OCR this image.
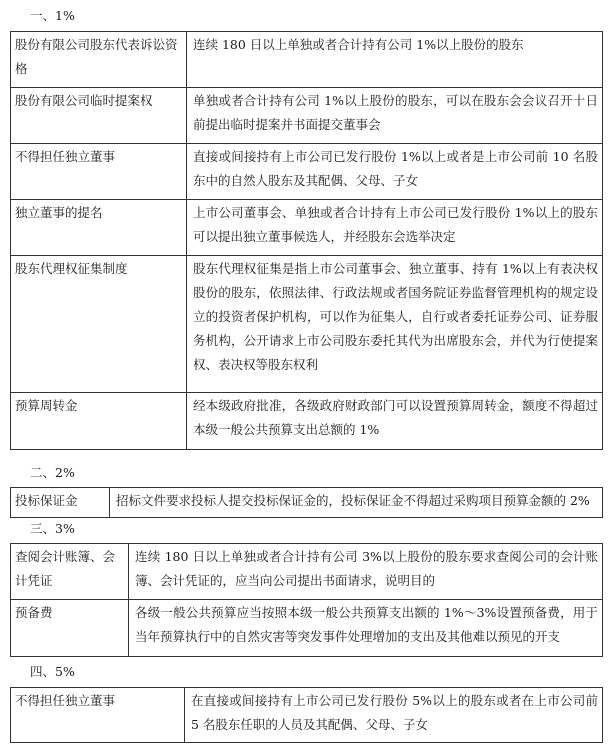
一、1%
股份有限公司股东代表诉讼资格	连续 180 日以上单独或者合计持有公司 1%以上股份的股东
股份有限公司临时提案权	单独或者合计持有公司 1%以上股份的股东，可以在股东会会议召开十日前提出临时提案并书面提交董事会
不得担任独立董事	直接或间接持有上市公司已发行股份 1%以上或者是上市公司前 10 名股东中的自然人股东及其配偶、父母、子女
独立董事的提名	上市公司董事会、单独或者合计持有上市公司已发行股份 1%以上的股东可以提出独立董事候选人，并经股东会选举决定
股东代理权征集制度	股东代理权征集是指上市公司董事会、独立董事、持有 1%以上有表决权股份的股东，依照法律、行政法规或者国务院证券监督管理机构的规定设立的投资者保护机构，可以作为征集人，自行或者委托证券公司、证券服务机构，公开请求上市公司股东委托其代为出席股东会，并代为行使提案权、表决权等股东权利
预算周转金	经本级政府批准，各级政府财政部门可以设置预算周转金，额度不得超过本级一般公共预算支出总额的 1%
二、2%
投标保证金	招标文件要求投标人提交投标保证金的，投标保证金不得超过采购项目预算金额的 2%
三、3%
查阅会计账簿、会计凭证	连续 180 日以上单独或者合计持有公司 3%以上股份的股东要求查阅公司的会计账簿、会计凭证的，应当向公司提出书面请求，说明目的
预备费	各级一般公共预算应当按照本级一般公共预算支出额的 1%～3%设置预备费，用于当年预算执行中的自然灾害等突发事件处理增加的支出及其他难以预见的开支
四、5%
不得担任独立董事	在直接或间接持有上市公司已发行股份 5%以上的股东或者在上市公司前 5 名股东任职的人员及其配偶、父母、子女
